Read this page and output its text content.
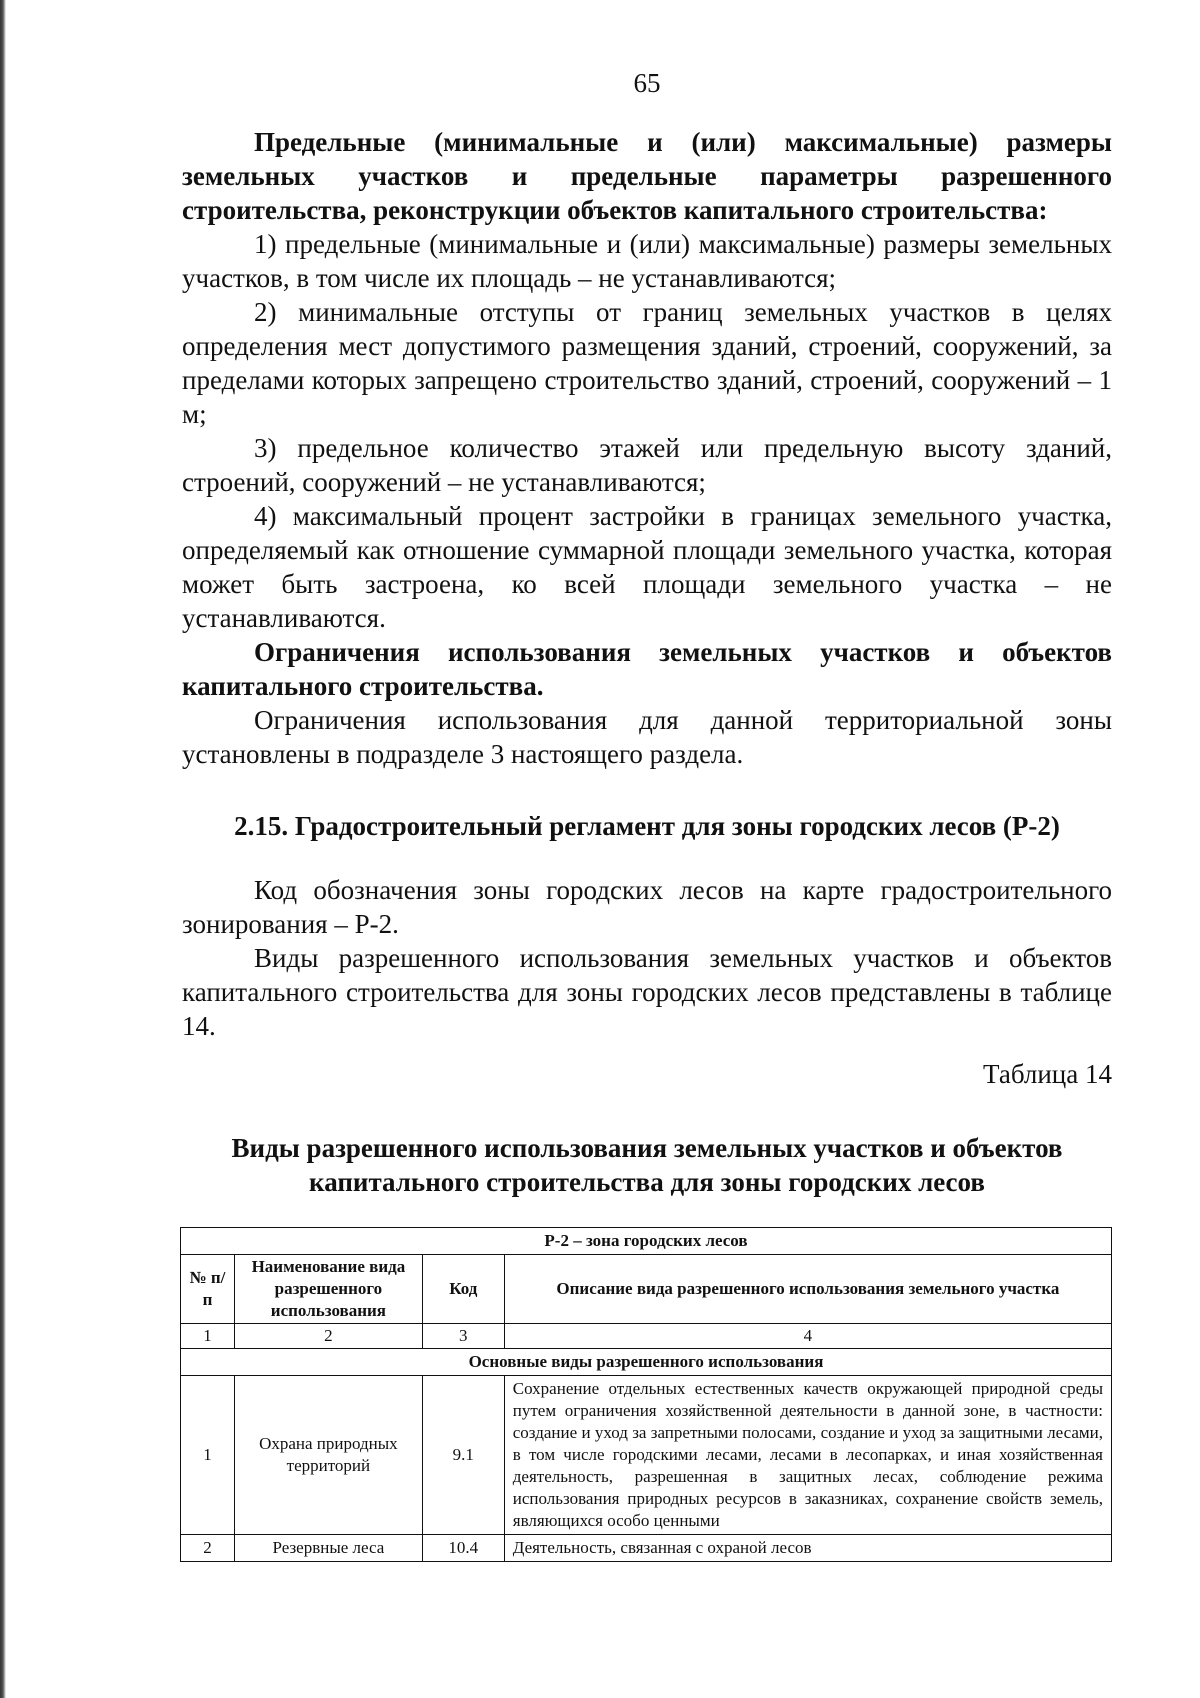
65

Предельные (минимальные и (или) максимальные) размеры земельных участков и предельные параметры разрешенного строительства, реконструкции объектов капитального строительства:

1) предельные (минимальные и (или) максимальные) размеры земельных участков, в том числе их площадь – не устанавливаются;

2) минимальные отступы от границ земельных участков в целях определения мест допустимого размещения зданий, строений, сооружений, за пределами которых запрещено строительство зданий, строений, сооружений – 1 м;

3) предельное количество этажей или предельную высоту зданий, строений, сооружений – не устанавливаются;

4) максимальный процент застройки в границах земельного участка, определяемый как отношение суммарной площади земельного участка, которая может быть застроена, ко всей площади земельного участка – не устанавливаются.

Ограничения использования земельных участков и объектов капитального строительства.

Ограничения использования для данной территориальной зоны установлены в подразделе 3 настоящего раздела.

2.15. Градостроительный регламент для зоны городских лесов (Р-2)

Код обозначения зоны городских лесов на карте градостроительного зонирования – Р-2.

Виды разрешенного использования земельных участков и объектов капитального строительства для зоны городских лесов представлены в таблице 14.

Таблица 14

Виды разрешенного использования земельных участков и объектов
капитального строительства для зоны городских лесов
Р-2 – зона городских лесов			
№ п/п	Наименование вида разрешенного использования	Код	Описание вида разрешенного использования земельного участка
1	2	3	4
Основные виды разрешенного использования			
1	Охрана природных территорий	9.1	Сохранение отдельных естественных качеств окружающей природной среды путем ограничения хозяйственной деятельности в данной зоне, в частности: создание и уход за запретными полосами, создание и уход за защитными лесами, в том числе городскими лесами, лесами в лесопарках, и иная хозяйственная деятельность, разрешенная в защитных лесах, соблюдение режима использования природных ресурсов в заказниках, сохранение свойств земель, являющихся особо ценными
2	Резервные леса	10.4	Деятельность, связанная с охраной лесов
